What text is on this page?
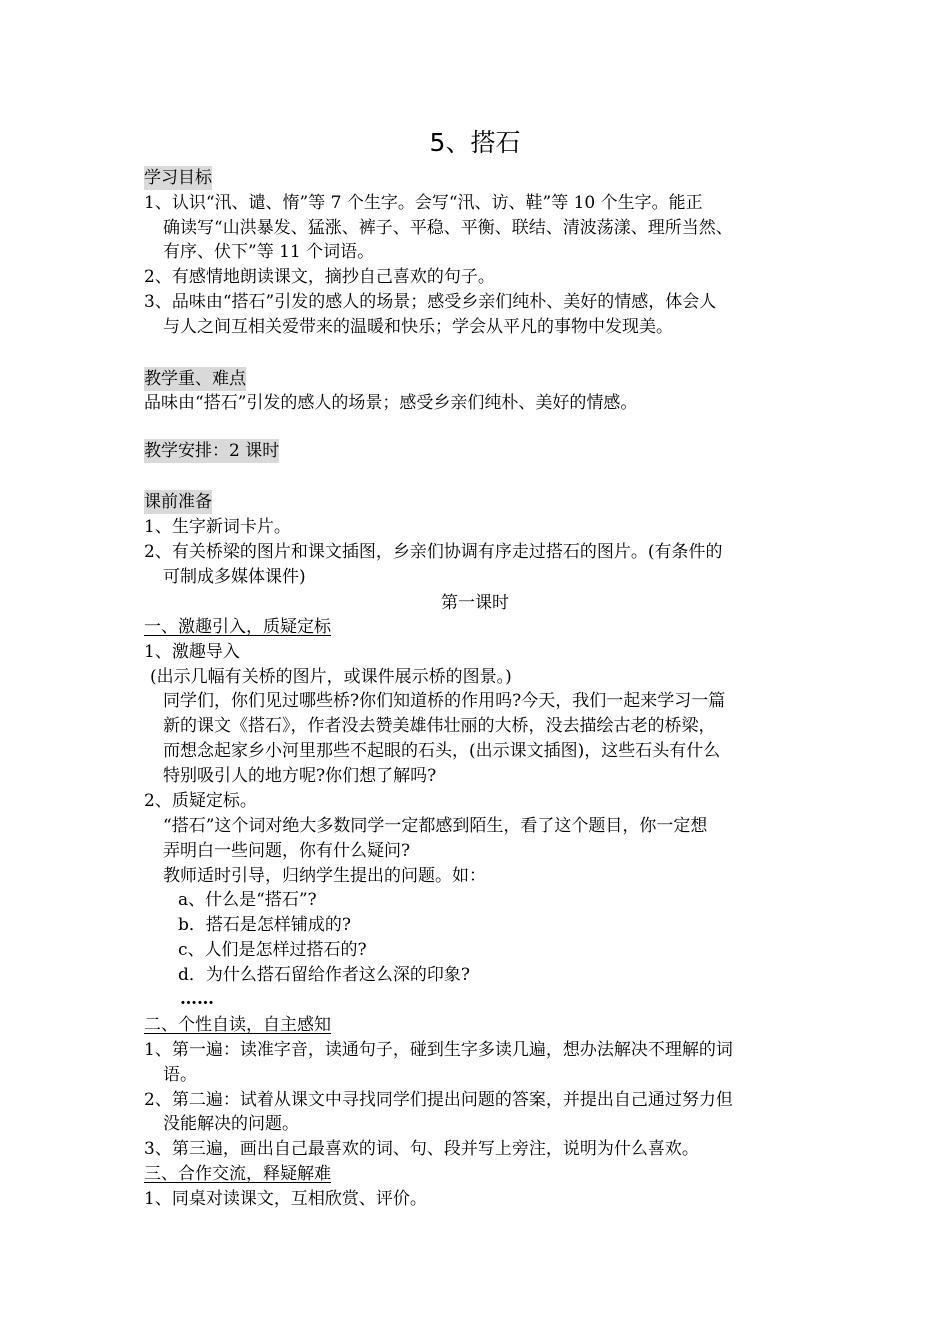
5、搭石
学习目标
1、认识“汛、谴、惰”等 7 个生字。会写“汛、访、鞋”等 10 个生字。能正
确读写“山洪暴发、猛涨、裤子、平稳、平衡、联结、清波荡漾、理所当然、
有序、伏下”等 11 个词语。
2、有感情地朗读课文，摘抄自己喜欢的句子。
3、品味由“搭石”引发的感人的场景；感受乡亲们纯朴、美好的情感，体会人
与人之间互相关爱带来的温暖和快乐；学会从平凡的事物中发现美。
教学重、难点
品味由“搭石”引发的感人的场景；感受乡亲们纯朴、美好的情感。
教学安排：2 课时
课前准备
1、生字新词卡片。
2、有关桥梁的图片和课文插图，乡亲们协调有序走过搭石的图片。(有条件的
可制成多媒体课件)
第一课时
一、激趣引入，质疑定标
1、激趣导入
(出示几幅有关桥的图片，或课件展示桥的图景。)
同学们，你们见过哪些桥?你们知道桥的作用吗?今天，我们一起来学习一篇
新的课文《搭石》，作者没去赞美雄伟壮丽的大桥，没去描绘古老的桥梁，
而想念起家乡小河里那些不起眼的石头，(出示课文插图)，这些石头有什么
特别吸引人的地方呢?你们想了解吗?
2、质疑定标。
“搭石”这个词对绝大多数同学一定都感到陌生，看了这个题目，你一定想
弄明白一些问题，你有什么疑问?
教师适时引导，归纳学生提出的问题。如：
a、什么是“搭石”?
b．搭石是怎样铺成的?
c、人们是怎样过搭石的?
d．为什么搭石留给作者这么深的印象?
……
二、个性自读，自主感知
1、第一遍：读准字音，读通句子，碰到生字多读几遍，想办法解决不理解的词
语。
2、第二遍：试着从课文中寻找同学们提出问题的答案，并提出自己通过努力但
没能解决的问题。
3、第三遍，画出自己最喜欢的词、句、段并写上旁注，说明为什么喜欢。
三、合作交流，释疑解难
1、同桌对读课文，互相欣赏、评价。
